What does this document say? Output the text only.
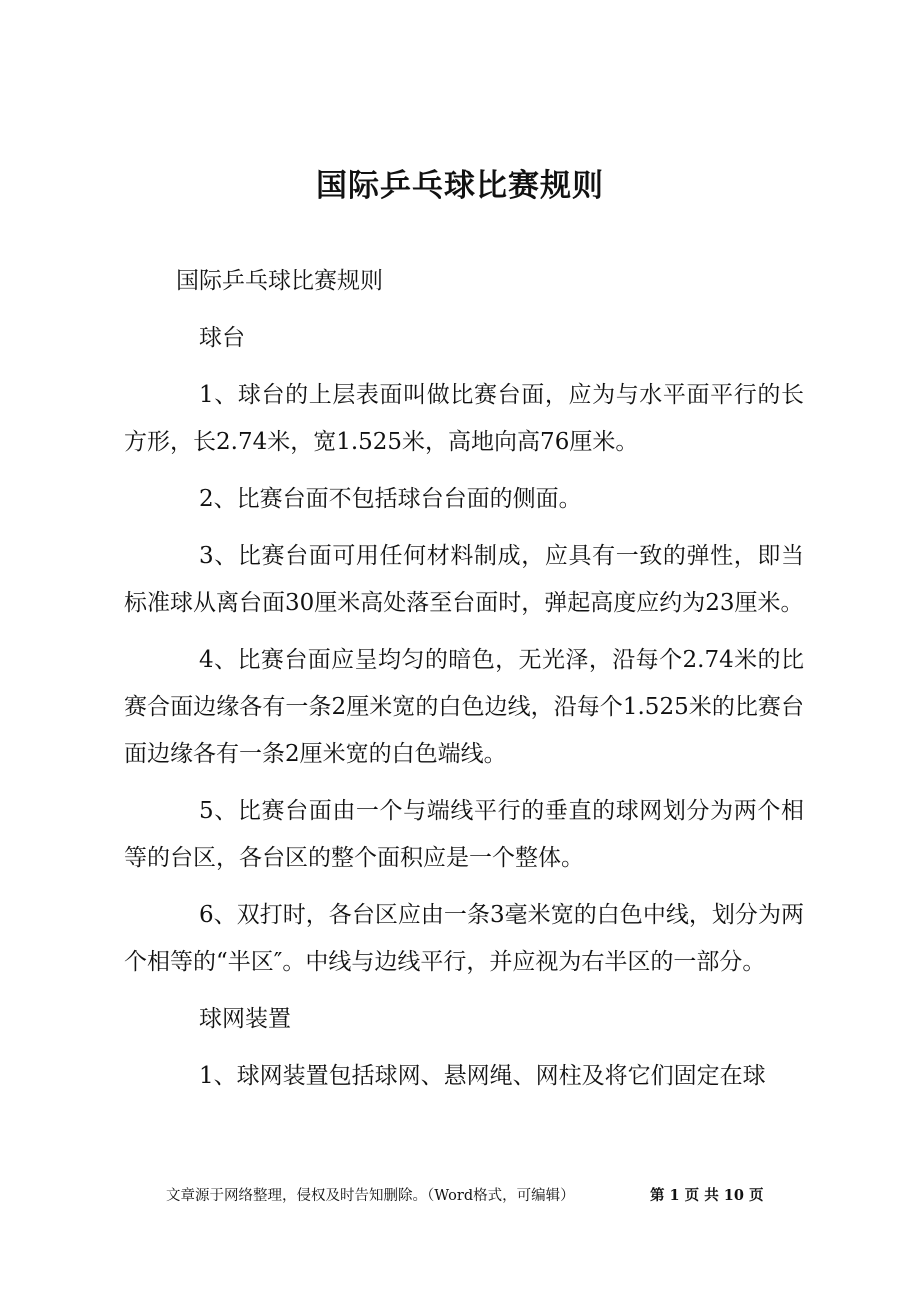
国际乒乓球比赛规则

国际乒乓球比赛规则

球台

1、球台的上层表面叫做比赛台面，应为与水平面平行的长方形，长2.74米，宽1.525米，高地向高76厘米。

2、比赛台面不包括球台台面的侧面。

3、比赛台面可用任何材料制成，应具有一致的弹性，即当标准球从离台面30厘米高处落至台面时，弹起高度应约为23厘米。

4、比赛台面应呈均匀的暗色，无光泽，沿每个2.74米的比赛合面边缘各有一条2厘米宽的白色边线，沿每个1.525米的比赛台面边缘各有一条2厘米宽的白色端线。

5、比赛台面由一个与端线平行的垂直的球网划分为两个相等的台区，各台区的整个面积应是一个整体。

6、双打时，各台区应由一条3毫米宽的白色中线，划分为两个相等的“半区″。中线与边线平行，并应视为右半区的一部分。

球网装置

1、球网装置包括球网、悬网绳、网柱及将它们固定在球

文章源于网络整理，侵权及时告知删除。（Word格式，可编辑）	第 1 页 共 10 页
